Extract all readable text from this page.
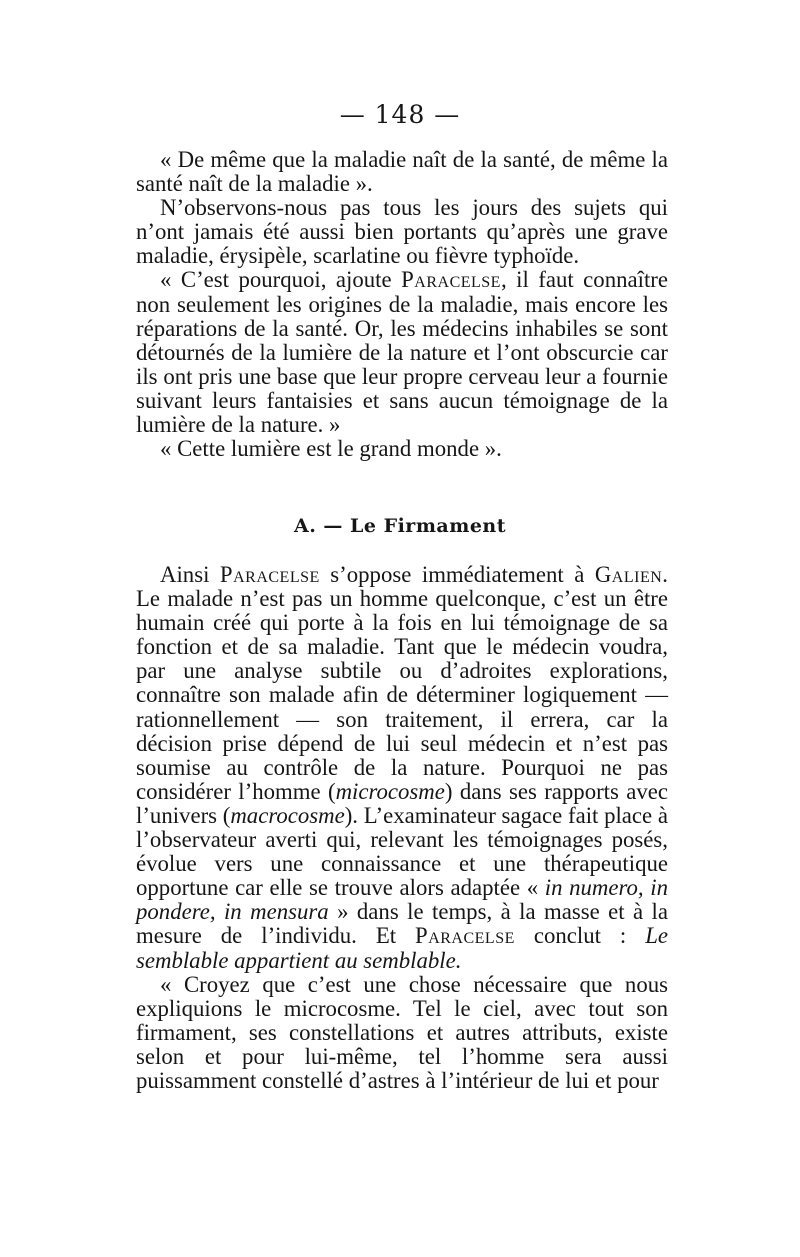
— 148 —

« De même que la maladie naît de la santé, de même la santé naît de la maladie ».

N’observons-nous pas tous les jours des sujets qui n’ont jamais été aussi bien portants qu’après une grave maladie, érysipèle, scarlatine ou fièvre typhoïde.

« C’est pourquoi, ajoute Paracelse, il faut connaître non seulement les origines de la maladie, mais encore les réparations de la santé. Or, les médecins inhabiles se sont détournés de la lumière de la nature et l’ont obscurcie car ils ont pris une base que leur propre cerveau leur a fournie suivant leurs fantaisies et sans aucun témoignage de la lumière de la nature. »

« Cette lumière est le grand monde ».

A. — Le Firmament

Ainsi Paracelse s’oppose immédiatement à Galien. Le malade n’est pas un homme quelconque, c’est un être humain créé qui porte à la fois en lui témoignage de sa fonction et de sa maladie. Tant que le médecin voudra, par une analyse subtile ou d’adroites explorations, connaître son malade afin de déterminer logiquement — rationnellement — son traitement, il errera, car la décision prise dépend de lui seul médecin et n’est pas soumise au contrôle de la nature. Pourquoi ne pas considérer l’homme (microcosme) dans ses rapports avec l’univers (macrocosme). L’examinateur sagace fait place à l’observateur averti qui, relevant les témoignages posés, évolue vers une connaissance et une thérapeutique opportune car elle se trouve alors adaptée « in numero, in pondere, in mensura » dans le temps, à la masse et à la mesure de l’individu. Et Paracelse conclut : Le semblable appartient au semblable.

« Croyez que c’est une chose nécessaire que nous expliquions le microcosme. Tel le ciel, avec tout son firmament, ses constellations et autres attributs, existe selon et pour lui-même, tel l’homme sera aussi puissamment constellé d’astres à l’intérieur de lui et pour
